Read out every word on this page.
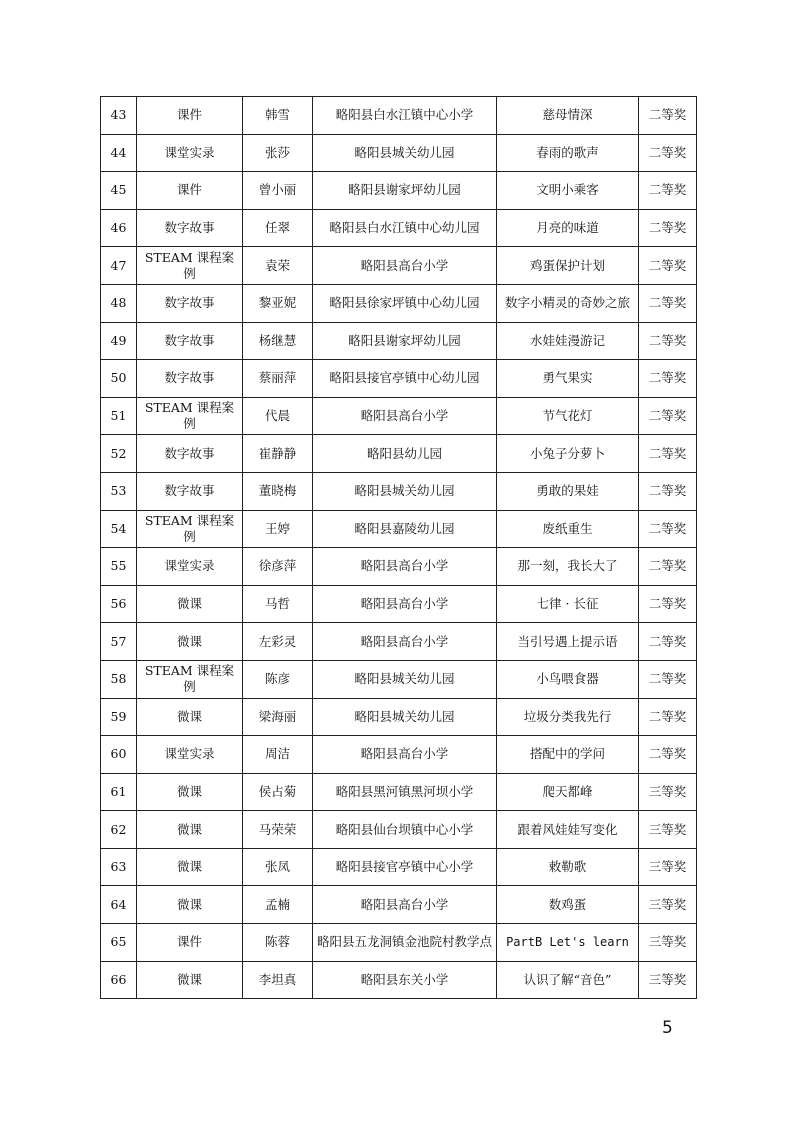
43	课件	韩雪	略阳县白水江镇中心小学	慈母情深	二等奖
44	课堂实录	张莎	略阳县城关幼儿园	春雨的歌声	二等奖
45	课件	曾小丽	略阳县谢家坪幼儿园	文明小乘客	二等奖
46	数字故事	任翠	略阳县白水江镇中心幼儿园	月亮的味道	二等奖
47	STEAM 课程案例	袁荣	略阳县高台小学	鸡蛋保护计划	二等奖
48	数字故事	黎亚妮	略阳县徐家坪镇中心幼儿园	数字小精灵的奇妙之旅	二等奖
49	数字故事	杨继慧	略阳县谢家坪幼儿园	水娃娃漫游记	二等奖
50	数字故事	蔡丽萍	略阳县接官亭镇中心幼儿园	勇气果实	二等奖
51	STEAM 课程案例	代晨	略阳县高台小学	节气花灯	二等奖
52	数字故事	崔静静	略阳县幼儿园	小兔子分萝卜	二等奖
53	数字故事	董晓梅	略阳县城关幼儿园	勇敢的果娃	二等奖
54	STEAM 课程案例	王婷	略阳县嘉陵幼儿园	废纸重生	二等奖
55	课堂实录	徐彦萍	略阳县高台小学	那一刻，我长大了	二等奖
56	微课	马哲	略阳县高台小学	七律 · 长征	二等奖
57	微课	左彩灵	略阳县高台小学	当引号遇上提示语	二等奖
58	STEAM 课程案例	陈彦	略阳县城关幼儿园	小鸟喂食器	二等奖
59	微课	梁海丽	略阳县城关幼儿园	垃圾分类我先行	二等奖
60	课堂实录	周洁	略阳县高台小学	搭配中的学问	二等奖
61	微课	侯占菊	略阳县黑河镇黑河坝小学	爬天都峰	三等奖
62	微课	马荣荣	略阳县仙台坝镇中心小学	跟着风娃娃写变化	三等奖
63	微课	张凤	略阳县接官亭镇中心小学	敕勒歌	三等奖
64	微课	孟楠	略阳县高台小学	数鸡蛋	三等奖
65	课件	陈蓉	略阳县五龙洞镇金池院村教学点	PartB Let's learn	三等奖
66	微课	李坦真	略阳县东关小学	认识了解“音色”	三等奖
5
